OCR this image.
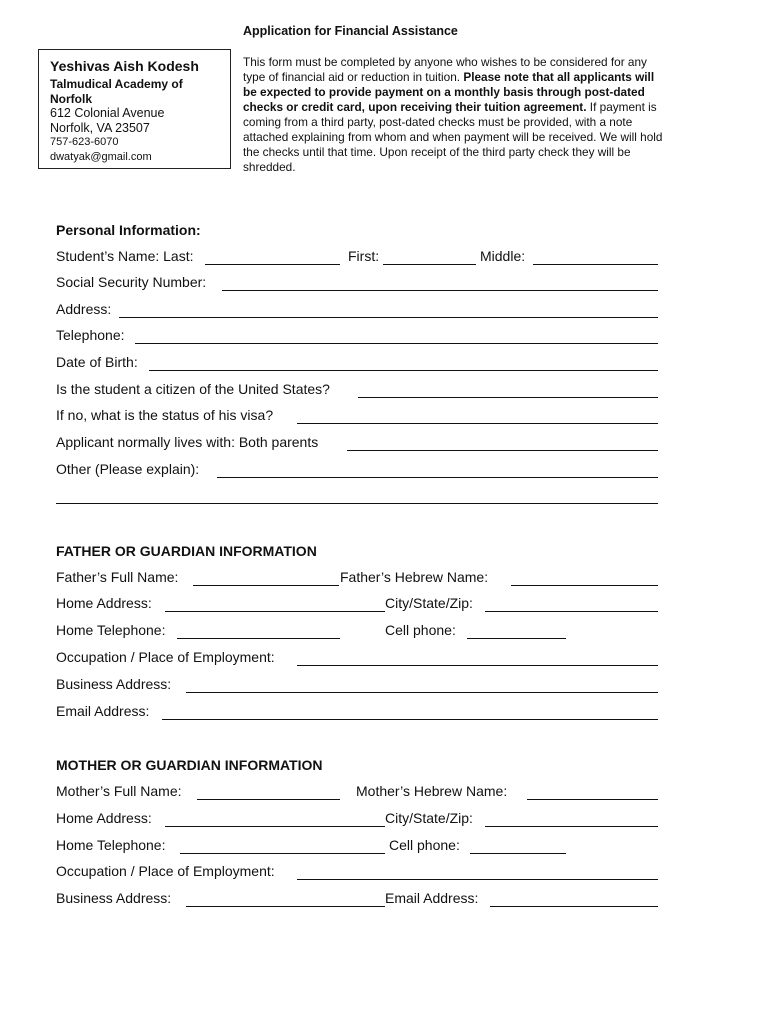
Application for Financial Assistance
Yeshivas Aish Kodesh
Talmudical Academy of
Norfolk
612 Colonial Avenue
Norfolk, VA 23507
757-623-6070
dwatyak@gmail.com
This form must be completed by anyone who wishes to be considered for any type of financial aid or reduction in tuition. Please note that all applicants will be expected to provide payment on a monthly basis through post-dated checks or credit card, upon receiving their tuition agreement. If payment is coming from a third party, post-dated checks must be provided, with a note attached explaining from whom and when payment will be received. We will hold the checks until that time. Upon receipt of the third party check they will be shredded.
Personal Information:
Student’s Name: Last:	First:	Middle:
Social Security Number:
Address:
Telephone:
Date of Birth:
Is the student a citizen of the United States?
If no, what is the status of his visa?
Applicant normally lives with: Both parents
Other (Please explain):
FATHER OR GUARDIAN INFORMATION
Father’s Full Name:	Father’s Hebrew Name:
Home Address:	City/State/Zip:
Home Telephone:	Cell phone:
Occupation / Place of Employment:
Business Address:
Email Address:
MOTHER OR GUARDIAN INFORMATION
Mother’s Full Name:	Mother’s Hebrew Name:
Home Address:	City/State/Zip:
Home Telephone:	Cell phone:
Occupation / Place of Employment:
Business Address:	Email Address:
